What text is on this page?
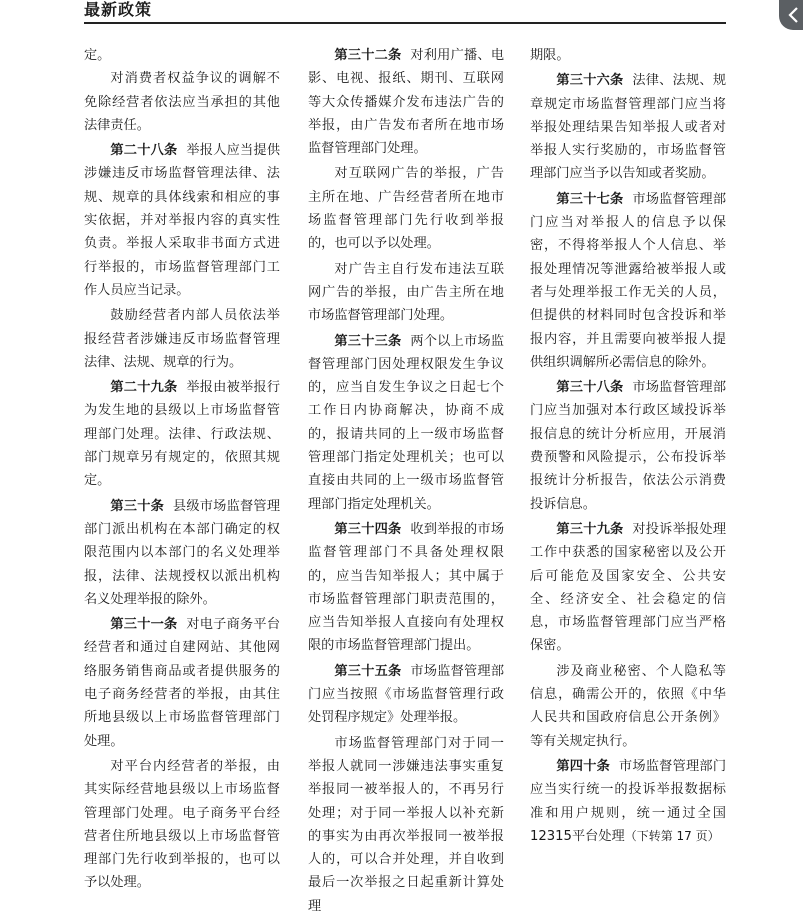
最新政策

定。

对消费者权益争议的调解不免除经营者依法应当承担的其他法律责任。

第二十八条 举报人应当提供涉嫌违反市场监督管理法律、法规、规章的具体线索和相应的事实依据，并对举报内容的真实性负责。举报人采取非书面方式进行举报的，市场监督管理部门工作人员应当记录。

鼓励经营者内部人员依法举报经营者涉嫌违反市场监督管理法律、法规、规章的行为。

第二十九条 举报由被举报行为发生地的县级以上市场监督管理部门处理。法律、行政法规、部门规章另有规定的，依照其规定。

第三十条 县级市场监督管理部门派出机构在本部门确定的权限范围内以本部门的名义处理举报，法律、法规授权以派出机构名义处理举报的除外。

第三十一条 对电子商务平台经营者和通过自建网站、其他网络服务销售商品或者提供服务的电子商务经营者的举报，由其住所地县级以上市场监督管理部门处理。

对平台内经营者的举报，由其实际经营地县级以上市场监督管理部门处理。电子商务平台经营者住所地县级以上市场监督管理部门先行收到举报的，也可以予以处理。

第三十二条 对利用广播、电影、电视、报纸、期刊、互联网等大众传播媒介发布违法广告的举报，由广告发布者所在地市场监督管理部门处理。

对互联网广告的举报，广告主所在地、广告经营者所在地市场监督管理部门先行收到举报的，也可以予以处理。

对广告主自行发布违法互联网广告的举报，由广告主所在地市场监督管理部门处理。

第三十三条 两个以上市场监督管理部门因处理权限发生争议的，应当自发生争议之日起七个工作日内协商解决，协商不成的，报请共同的上一级市场监督管理部门指定处理机关；也可以直接由共同的上一级市场监督管理部门指定处理机关。

第三十四条 收到举报的市场监督管理部门不具备处理权限的，应当告知举报人；其中属于市场监督管理部门职责范围的，应当告知举报人直接向有处理权限的市场监督管理部门提出。

第三十五条 市场监督管理部门应当按照《市场监督管理行政处罚程序规定》处理举报。

市场监督管理部门对于同一举报人就同一涉嫌违法事实重复举报同一被举报人的，不再另行处理；对于同一举报人以补充新的事实为由再次举报同一被举报人的，可以合并处理，并自收到最后一次举报之日起重新计算处理

期限。

第三十六条 法律、法规、规章规定市场监督管理部门应当将举报处理结果告知举报人或者对举报人实行奖励的，市场监督管理部门应当予以告知或者奖励。

第三十七条 市场监督管理部门应当对举报人的信息予以保密，不得将举报人个人信息、举报处理情况等泄露给被举报人或者与处理举报工作无关的人员，但提供的材料同时包含投诉和举报内容，并且需要向被举报人提供组织调解所必需信息的除外。

第三十八条 市场监督管理部门应当加强对本行政区域投诉举报信息的统计分析应用，开展消费预警和风险提示，公布投诉举报统计分析报告，依法公示消费投诉信息。

第三十九条 对投诉举报处理工作中获悉的国家秘密以及公开后可能危及国家安全、公共安全、经济安全、社会稳定的信息，市场监督管理部门应当严格保密。

涉及商业秘密、个人隐私等信息，确需公开的，依照《中华人民共和国政府信息公开条例》等有关规定执行。

第四十条 市场监督管理部门应当实行统一的投诉举报数据标准和用户规则，统一通过全国12315平台处理（下转第 17 页）
